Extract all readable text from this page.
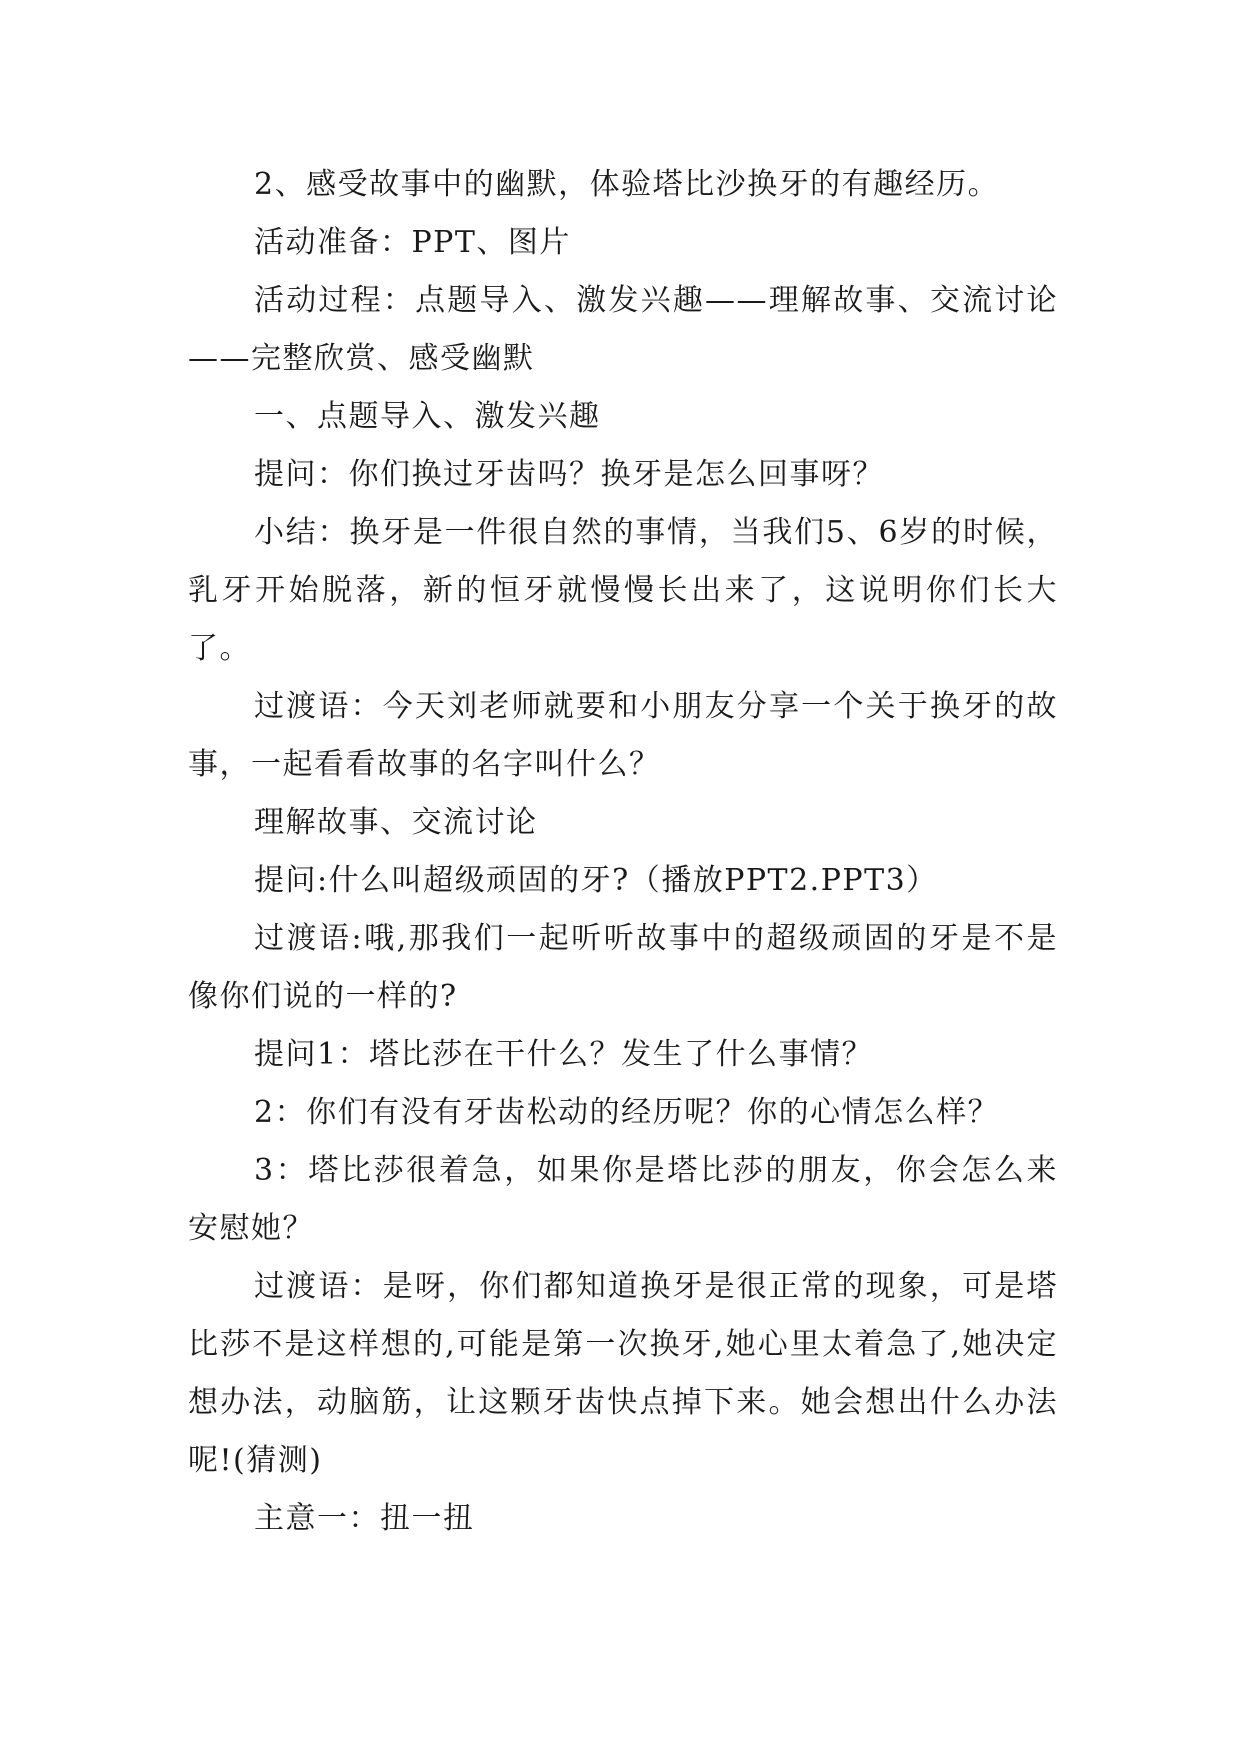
2、感受故事中的幽默，体验塔比沙换牙的有趣经历。

活动准备：PPT、图片

活动过程：点题导入、激发兴趣——理解故事、交流讨论——完整欣赏、感受幽默

一、点题导入、激发兴趣

提问：你们换过牙齿吗？换牙是怎么回事呀？

小结：换牙是一件很自然的事情，当我们5、6岁的时候，乳牙开始脱落，新的恒牙就慢慢长出来了，这说明你们长大了。

过渡语：今天刘老师就要和小朋友分享一个关于换牙的故事，一起看看故事的名字叫什么？

理解故事、交流讨论

提问:什么叫超级顽固的牙?（播放PPT2.PPT3）

过渡语:哦,那我们一起听听故事中的超级顽固的牙是不是像你们说的一样的?

提问1：塔比莎在干什么？发生了什么事情？

2：你们有没有牙齿松动的经历呢？你的心情怎么样？

3：塔比莎很着急，如果你是塔比莎的朋友，你会怎么来安慰她？

过渡语：是呀，你们都知道换牙是很正常的现象，可是塔比莎不是这样想的,可能是第一次换牙,她心里太着急了,她决定想办法，动脑筋，让这颗牙齿快点掉下来。她会想出什么办法呢!(猜测)

主意一：扭一扭
